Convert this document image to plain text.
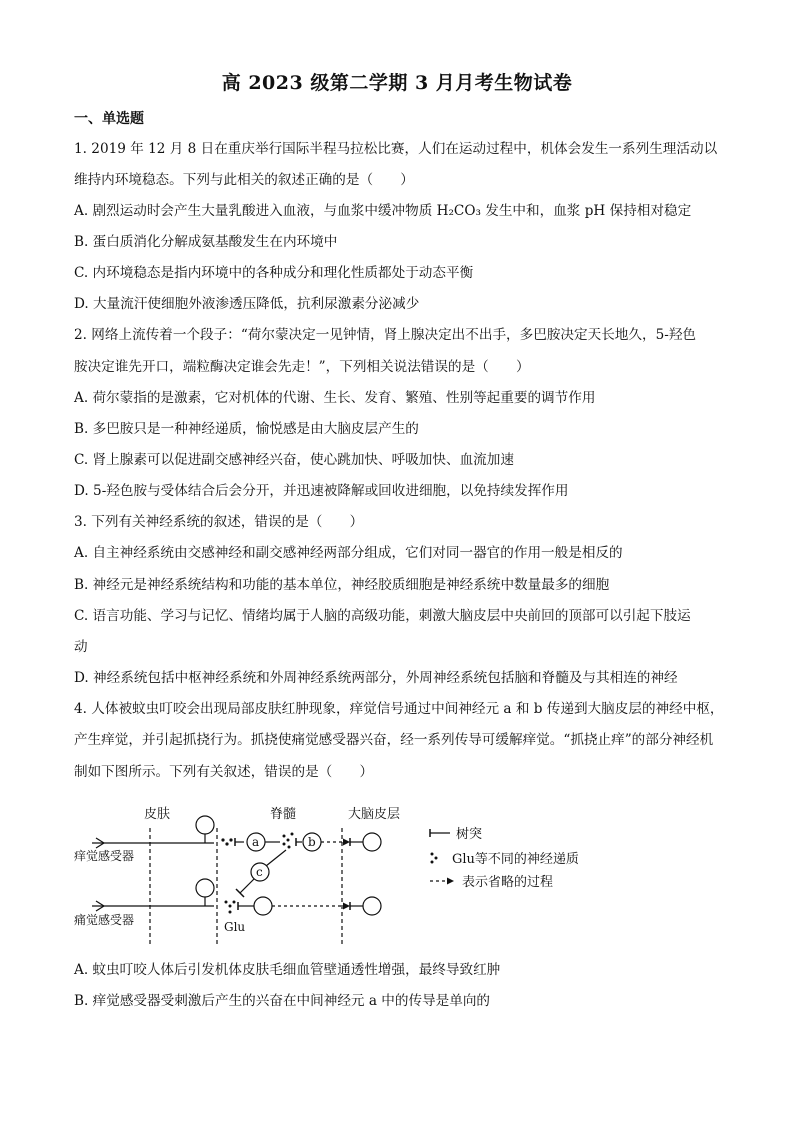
高 2023 级第二学期 3 月月考生物试卷
一、单选题
1. 2019 年 12 月 8 日在重庆举行国际半程马拉松比赛，人们在运动过程中，机体会发生一系列生理活动以
维持内环境稳态。下列与此相关的叙述正确的是（　　）
A. 剧烈运动时会产生大量乳酸进入血液，与血浆中缓冲物质 H₂CO₃ 发生中和，血浆 pH 保持相对稳定
B. 蛋白质消化分解成氨基酸发生在内环境中
C. 内环境稳态是指内环境中的各种成分和理化性质都处于动态平衡
D. 大量流汗使细胞外液渗透压降低，抗利尿激素分泌减少
2. 网络上流传着一个段子：“荷尔蒙决定一见钟情，肾上腺决定出不出手，多巴胺决定天长地久，5-羟色
胺决定谁先开口，端粒酶决定谁会先走！”，下列相关说法错误的是（　　）
A. 荷尔蒙指的是激素，它对机体的代谢、生长、发育、繁殖、性别等起重要的调节作用
B. 多巴胺只是一种神经递质，愉悦感是由大脑皮层产生的
C. 肾上腺素可以促进副交感神经兴奋，使心跳加快、呼吸加快、血流加速
D. 5-羟色胺与受体结合后会分开，并迅速被降解或回收进细胞，以免持续发挥作用
3. 下列有关神经系统的叙述，错误的是（　　）
A. 自主神经系统由交感神经和副交感神经两部分组成，它们对同一器官的作用一般是相反的
B. 神经元是神经系统结构和功能的基本单位，神经胶质细胞是神经系统中数量最多的细胞
C. 语言功能、学习与记忆、情绪均属于人脑的高级功能，刺激大脑皮层中央前回的顶部可以引起下肢运
动
D. 神经系统包括中枢神经系统和外周神经系统两部分，外周神经系统包括脑和脊髓及与其相连的神经
4. 人体被蚊虫叮咬会出现局部皮肤红肿现象，痒觉信号通过中间神经元 a 和 b 传递到大脑皮层的神经中枢，
产生痒觉，并引起抓挠行为。抓挠使痛觉感受器兴奋，经一系列传导可缓解痒觉。“抓挠止痒”的部分神经机
制如下图所示。下列有关叙述，错误的是（　　）
皮肤	脊髓	大脑皮层
a	b
痒觉感受器
c
痛觉感受器	Glu
树突
Glu等不同的神经递质
表示省略的过程
A. 蚊虫叮咬人体后引发机体皮肤毛细血管壁通透性增强，最终导致红肿
B. 痒觉感受器受刺激后产生的兴奋在中间神经元 a 中的传导是单向的
